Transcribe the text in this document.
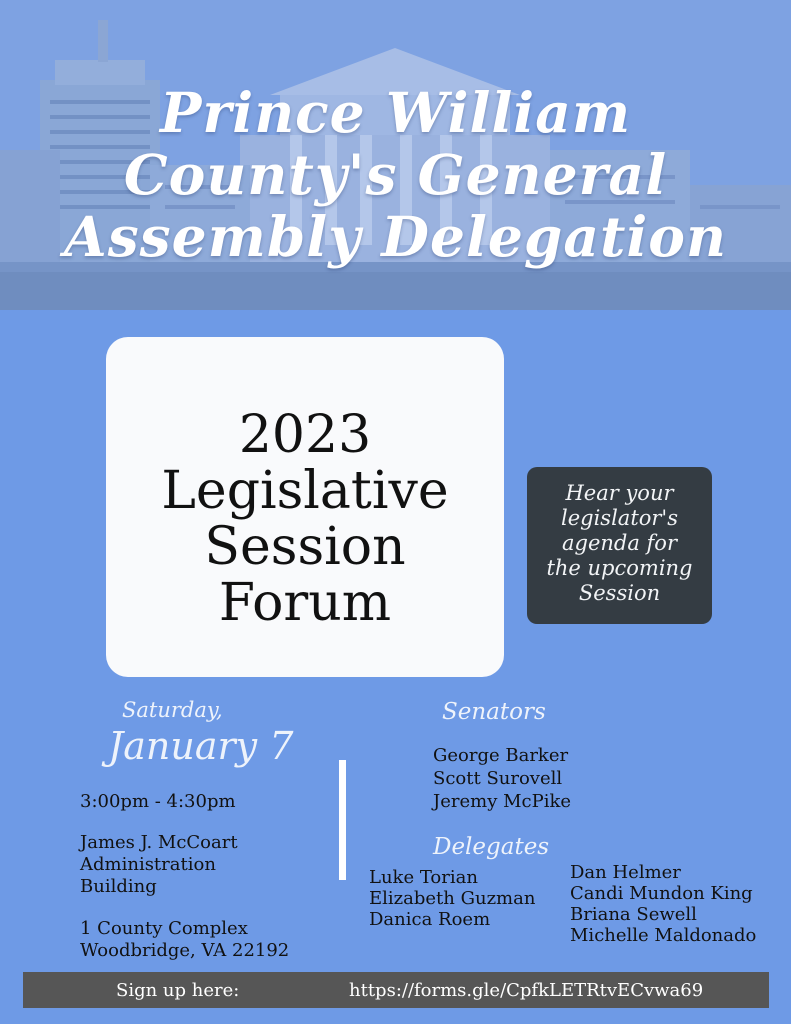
Prince William
County's General
Assembly Delegation
2023
Legislative
Session
Forum
Hear your
legislator's
agenda for
the upcoming
Session
Saturday,
January 7
3:00pm - 4:30pm
James J. McCoart
Administration
Building
1 County Complex
Woodbridge, VA 22192
Senators
George Barker
Scott Surovell
Jeremy McPike
Delegates
Luke Torian
Elizabeth Guzman
Danica Roem
Dan Helmer
Candi Mundon King
Briana Sewell
Michelle Maldonado
Sign up here:	https://forms.gle/CpfkLETRtvECvwa69
